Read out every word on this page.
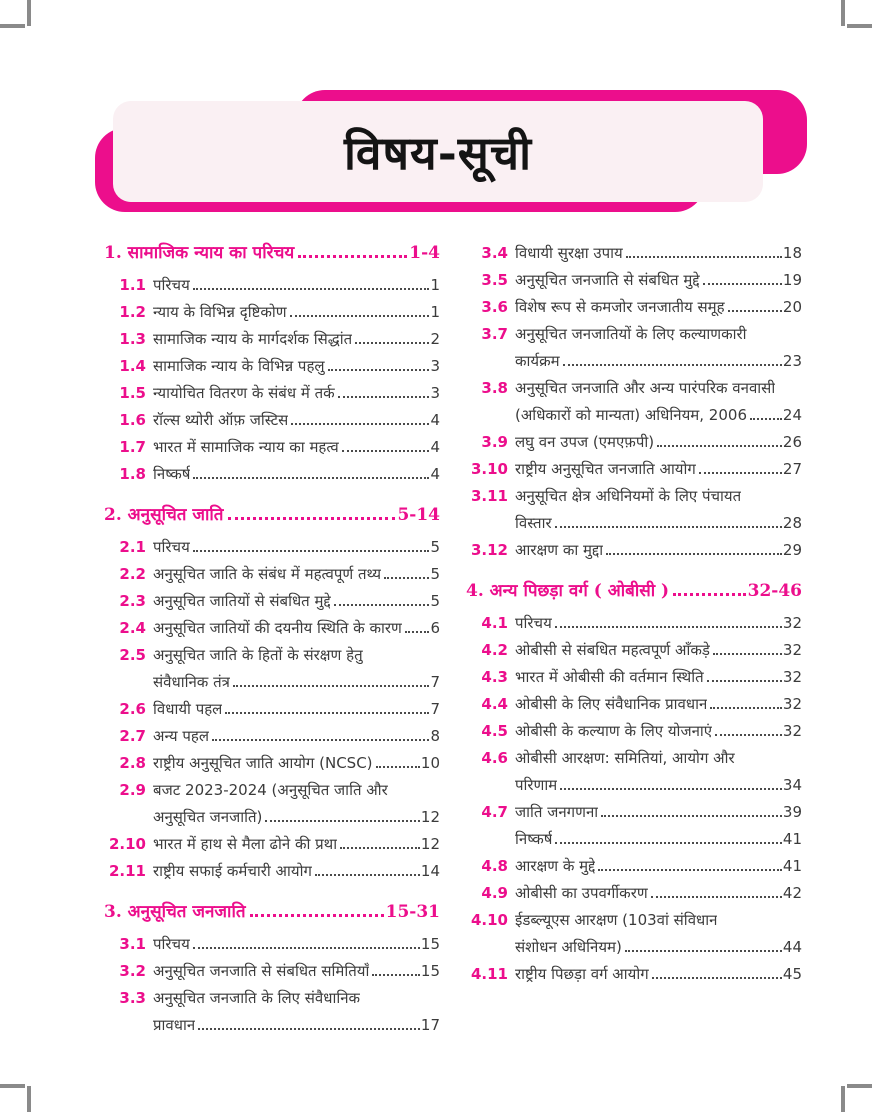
विषय-सूची
1. सामाजिक न्याय का परिचय	1-4
1.1 परिचय	1
1.2 न्याय के विभिन्न दृष्टिकोण	1
1.3 सामाजिक न्याय के मार्गदर्शक सिद्धांत	2
1.4 सामाजिक न्याय के विभिन्न पहलु	3
1.5 न्यायोचित वितरण के संबंध में तर्क	3
1.6 रॉल्स थ्योरी ऑफ़ जस्टिस	4
1.7 भारत में सामाजिक न्याय का महत्व	4
1.8 निष्कर्ष	4
2. अनुसूचित जाति	5-14
2.1 परिचय	5
2.2 अनुसूचित जाति के संबंध में महत्वपूर्ण तथ्य	5
2.3 अनुसूचित जातियों से संबधित मुद्दे	5
2.4 अनुसूचित जातियों की दयनीय स्थिति के कारण 6
2.5 अनुसूचित जाति के हितों के संरक्षण हेतु
संवैधानिक तंत्र	7
2.6 विधायी पहल	7
2.7 अन्य पहल	8
2.8 राष्ट्रीय अनुसूचित जाति आयोग (NCSC)	10
2.9 बजट 2023-2024 (अनुसूचित जाति और
अनुसूचित जनजाति)	12
2.10 भारत में हाथ से मैला ढोने की प्रथा	12
2.11 राष्ट्रीय सफाई कर्मचारी आयोग	14
3. अनुसूचित जनजाति	15-31
3.1 परिचय	15
3.2 अनुसूचित जनजाति से संबधित समितियाँ	15
3.3 अनुसूचित जनजाति के लिए संवैधानिक
प्रावधान	17
3.4 विधायी सुरक्षा उपाय	18
3.5 अनुसूचित जनजाति से संबधित मुद्दे	19
3.6 विशेष रूप से कमजोर जनजातीय समूह	20
3.7 अनुसूचित जनजातियों के लिए कल्याणकारी
कार्यक्रम	23
3.8 अनुसूचित जनजाति और अन्य पारंपरिक वनवासी
(अधिकारों को मान्यता) अधिनियम, 2006 24
3.9 लघु वन उपज (एमएफ़पी)	26
3.10 राष्ट्रीय अनुसूचित जनजाति आयोग	27
3.11 अनुसूचित क्षेत्र अधिनियमों के लिए पंचायत
विस्तार	28
3.12 आरक्षण का मुद्दा	29
4. अन्य पिछड़ा वर्ग ( ओबीसी )	32-46
4.1 परिचय	32
4.2 ओबीसी से संबधित महत्वपूर्ण आँकड़े	32
4.3 भारत में ओबीसी की वर्तमान स्थिति	32
4.4 ओबीसी के लिए संवैधानिक प्रावधान	32
4.5 ओबीसी के कल्याण के लिए योजनाएं	32
4.6 ओबीसी आरक्षण: समितियां, आयोग और
परिणाम	34
4.7 जाति जनगणना	39
निष्कर्ष	41
4.8 आरक्षण के मुद्दे	41
4.9 ओबीसी का उपवर्गीकरण	42
4.10 ईडब्ल्यूएस आरक्षण (103वां संविधान
संशोधन अधिनियम)	44
4.11 राष्ट्रीय पिछड़ा वर्ग आयोग	45
